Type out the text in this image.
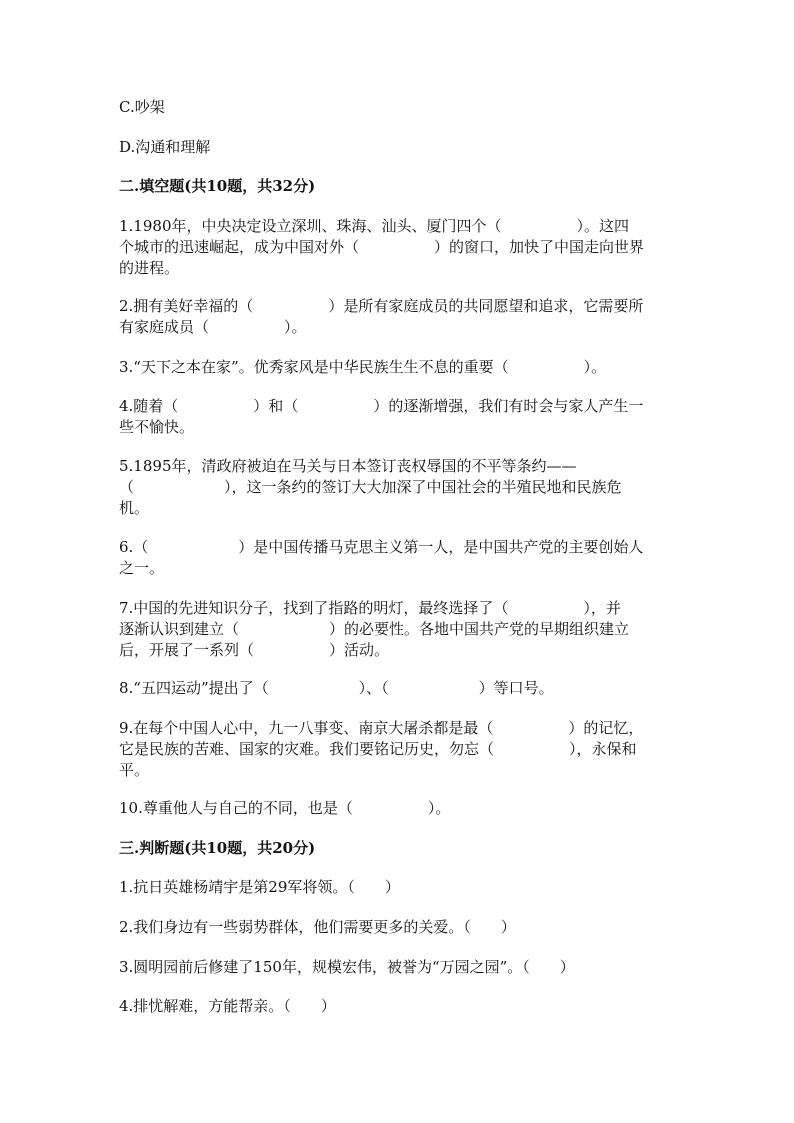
C.吵架
D.沟通和理解
二.填空题(共10题，共32分)
1.1980年，中央决定设立深圳、珠海、汕头、厦门四个（　　　　　）。这四
个城市的迅速崛起，成为中国对外（　　　　　）的窗口，加快了中国走向世界
的进程。
2.拥有美好幸福的（　　　　　）是所有家庭成员的共同愿望和追求，它需要所
有家庭成员（　　　　　）。
3.“天下之本在家”。优秀家风是中华民族生生不息的重要（　　　　　）。
4.随着（　　　　　）和（　　　　　）的逐渐增强，我们有时会与家人产生一
些不愉快。
5.1895年，清政府被迫在马关与日本签订丧权辱国的不平等条约——
（　　　　　　），这一条约的签订大大加深了中国社会的半殖民地和民族危
机。
6.（　　　　　　）是中国传播马克思主义第一人，是中国共产党的主要创始人
之一。
7.中国的先进知识分子，找到了指路的明灯，最终选择了（　　　　　），并
逐渐认识到建立（　　　　　　）的必要性。各地中国共产党的早期组织建立
后，开展了一系列（　　　　　）活动。
8.“五四运动”提出了（　　　　　　）、（　　　　　　）等口号。
9.在每个中国人心中，九一八事变、南京大屠杀都是最（　　　　　）的记忆，
它是民族的苦难、国家的灾难。我们要铭记历史，勿忘（　　　　　），永保和
平。
10.尊重他人与自己的不同，也是（　　　　　）。
三.判断题(共10题，共20分)
1.抗日英雄杨靖宇是第29军将领。（　　）
2.我们身边有一些弱势群体，他们需要更多的关爱。（　　）
3.圆明园前后修建了150年，规模宏伟，被誉为“万园之园”。（　　）
4.排忧解难，方能帮亲。（　　）
